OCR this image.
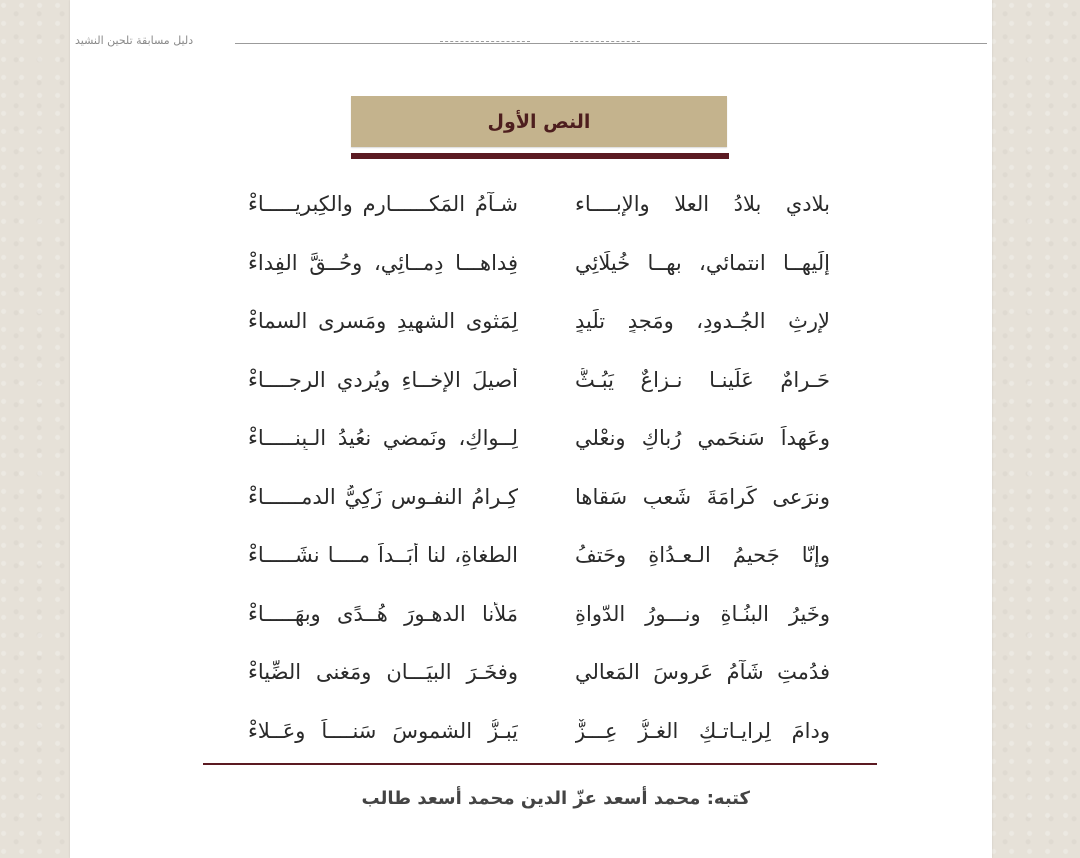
دليل مسابقة تلحين النشيد
النص الأول
بلادي بلادُ العلا والإبــــاء
شـآمُ المَكــــــارِمِ والكِبريـــــاءْ
إلَيهــا انتمائي، بهِــا خُيلَائِي
فِداهـــا دِمــائِي، وحُــقَّ الفِداءْ
لإرثِ الجُـدودِ، ومَجدٍ تلَيدٍ
لِمَثوى الشهيدِ ومَسرى السماءْ
حَـرامٌ عَلَينـا نـزاعٌ يَبُـثُّ
أصيلَ الإخــاءِ ويُردي الرجــــاءْ
وعَهداً سَنحَمي رُباكِ ونعْلي
لِــواكِ، ونَمضي نعُيدُ الـبِنـــــاءْ
ونرَعى كَرامَةَ شَعبٍ سَقاها
كِـرامُ النفـوسِ زَكِيُّ الدمــــــاءْ
وإنّا جَحيمُ الـعـدُاةِ وحَتفُ
الطغاةِ، لنا أبَــداً مــــا نشَـــــاءْ
وخَيرُ البنُـاةِ ونـــورُ الدّواةِ
مَلأنا الدهـورَ هُــدًى وبهَـــــاءْ
فدُمتِ شَآمُ عَروسَ المَعالي
وفخَـرَ البيَـــانِ ومَغنى الضِّياءْ
ودامَ لِرايـاتـكِ الغـزُّ عِـــزٌّ
يَبـزُّ الشموسَ سَنــــاً وعَــلاءْ
كتبه: محمد أسعد عزّ الدين محمد أسعد طالب
